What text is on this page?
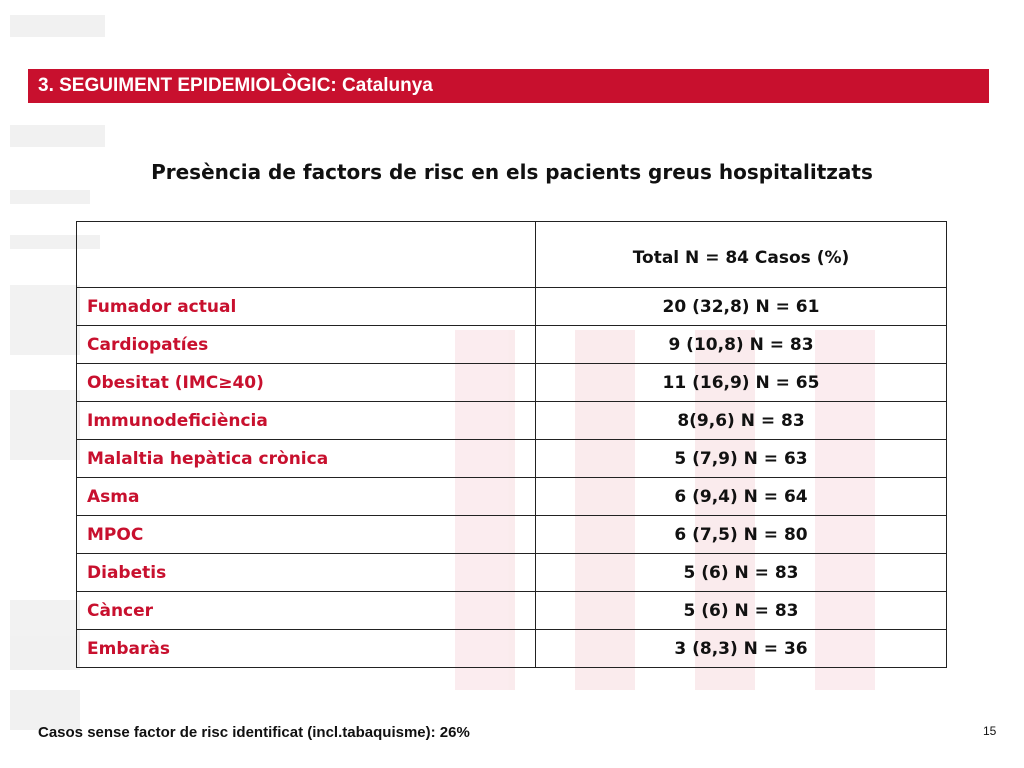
3. SEGUIMENT EPIDEMIOLÒGIC: Catalunya
Presència de factors de risc en els pacients greus hospitalitzats
	Total N = 84 Casos (%)
Fumador actual	20 (32,8) N = 61
Cardiopatíes	9 (10,8) N = 83
Obesitat (IMC≥40)	11 (16,9) N = 65
Immunodeficiència	8(9,6) N = 83
Malaltia hepàtica crònica	5 (7,9) N = 63
Asma	6 (9,4) N = 64
MPOC	6 (7,5) N = 80
Diabetis	5 (6) N = 83
Càncer	5 (6) N = 83
Embaràs	3 (8,3) N = 36
Casos sense factor de risc identificat (incl.tabaquisme): 26%	15
